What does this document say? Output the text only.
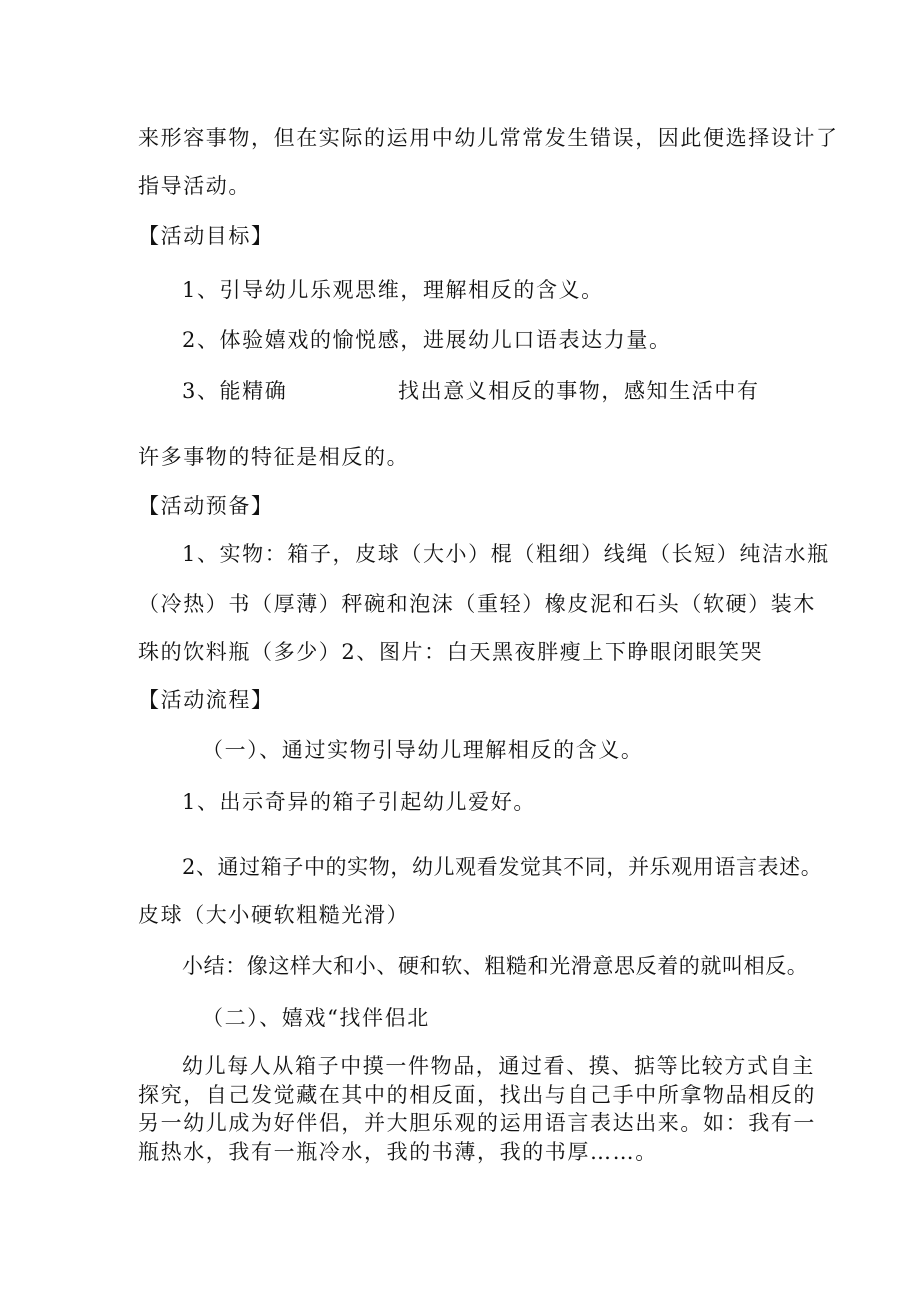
来形容事物，但在实际的运用中幼儿常常发生错误，因此便选择设计了
指导活动。
【活动目标】
1、引导幼儿乐观思维，理解相反的含义。
2、体验嬉戏的愉悦感，进展幼儿口语表达力量。
3、能精确	找出意义相反的事物，感知生活中有
许多事物的特征是相反的。
【活动预备】
1、实物：箱子，皮球（大小）棍（粗细）线绳（长短）纯洁水瓶
（冷热）书（厚薄）秤碗和泡沫（重轻）橡皮泥和石头（软硬）装木
珠的饮料瓶（多少）2、图片：白天黑夜胖瘦上下睁眼闭眼笑哭
【活动流程】
（一）、通过实物引导幼儿理解相反的含义。
1、出示奇异的箱子引起幼儿爱好。
2、通过箱子中的实物，幼儿观看发觉其不同，并乐观用语言表述。
皮球（大小硬软粗糙光滑）
小结：像这样大和小、硬和软、粗糙和光滑意思反着的就叫相反。
（二）、嬉戏“找伴侣北
幼儿每人从箱子中摸一件物品，通过看、摸、掂等比较方式自主
探究，自己发觉藏在其中的相反面，找出与自己手中所拿物品相反的
另一幼儿成为好伴侣，并大胆乐观的运用语言表达出来。如：我有一
瓶热水，我有一瓶冷水，我的书薄，我的书厚……。
